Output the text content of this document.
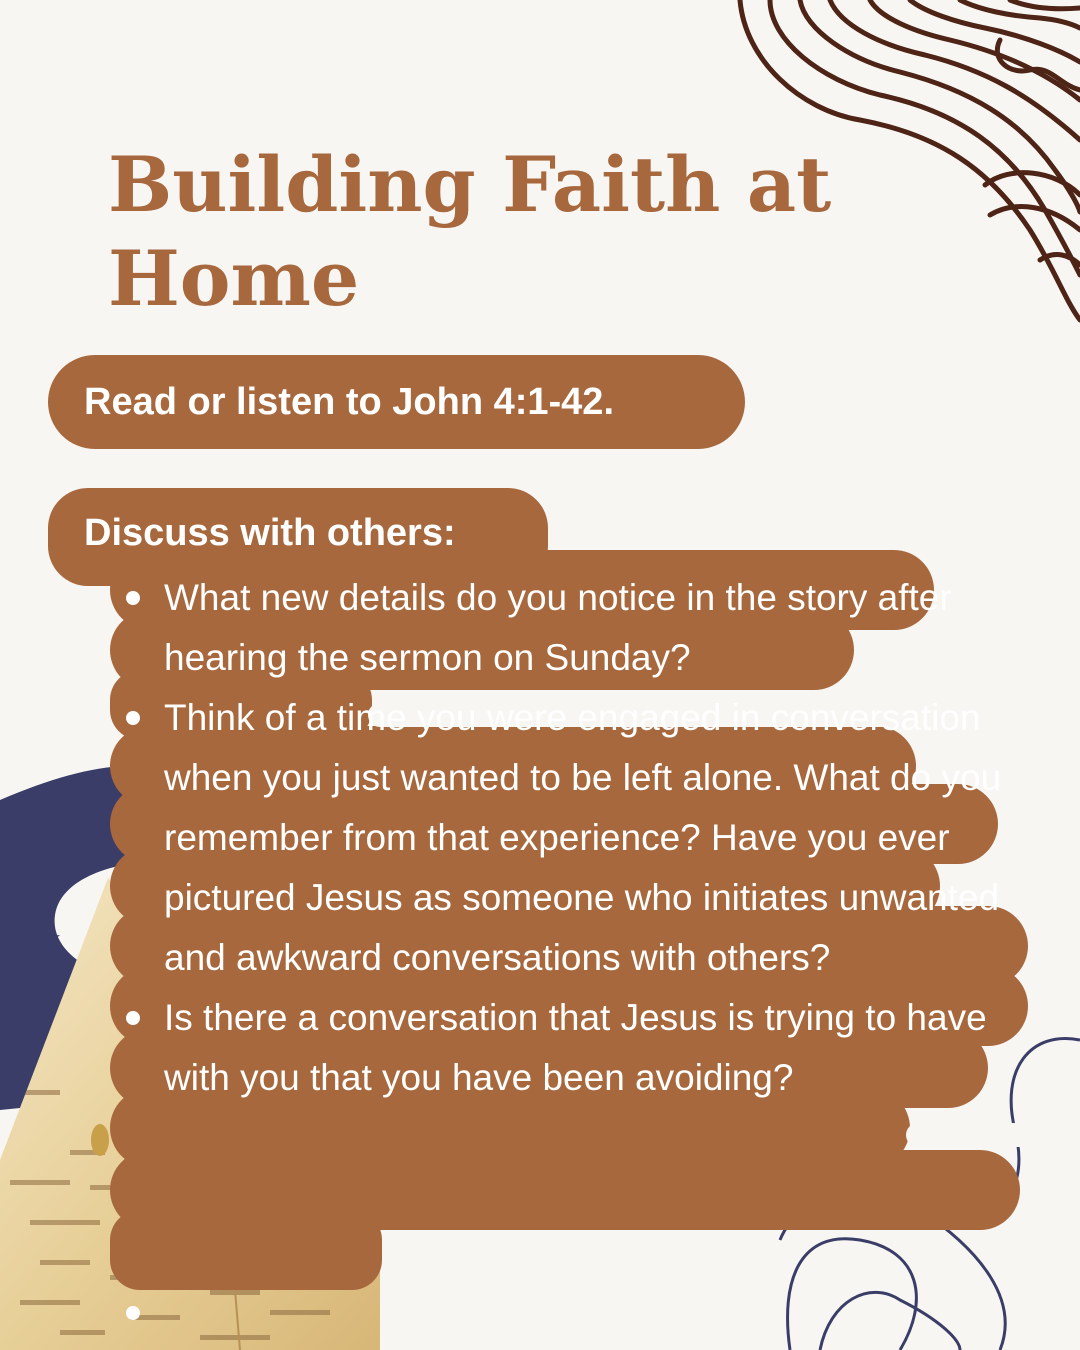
Building Faith at Home

Read or listen to John 4:1-42.

Discuss with others:

What new details do you notice in the story after hearing the sermon on Sunday?
Think of a time you were engaged in conversation when you just wanted to be left alone. What do you remember from that experience? Have you ever pictured Jesus as someone who initiates unwanted and awkward conversations with others?
Is there a conversation that Jesus is trying to have with you that you have been avoiding?
